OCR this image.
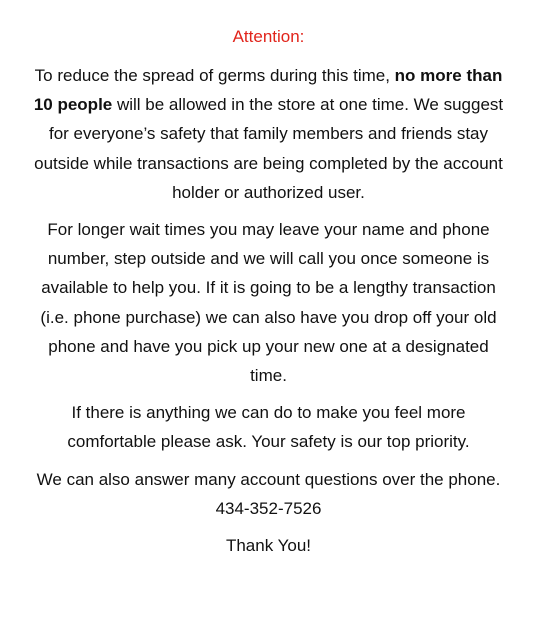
Attention:

To reduce the spread of germs during this time, no more than 10 people will be allowed in the store at one time. We suggest for everyone’s safety that family members and friends stay outside while transactions are being completed by the account holder or authorized user.

For longer wait times you may leave your name and phone number, step outside and we will call you once someone is available to help you. If it is going to be a lengthy transaction (i.e. phone purchase) we can also have you drop off your old phone and have you pick up your new one at a designated time.

If there is anything we can do to make you feel more comfortable please ask. Your safety is our top priority.

We can also answer many account questions over the phone. 434-352-7526

Thank You!
